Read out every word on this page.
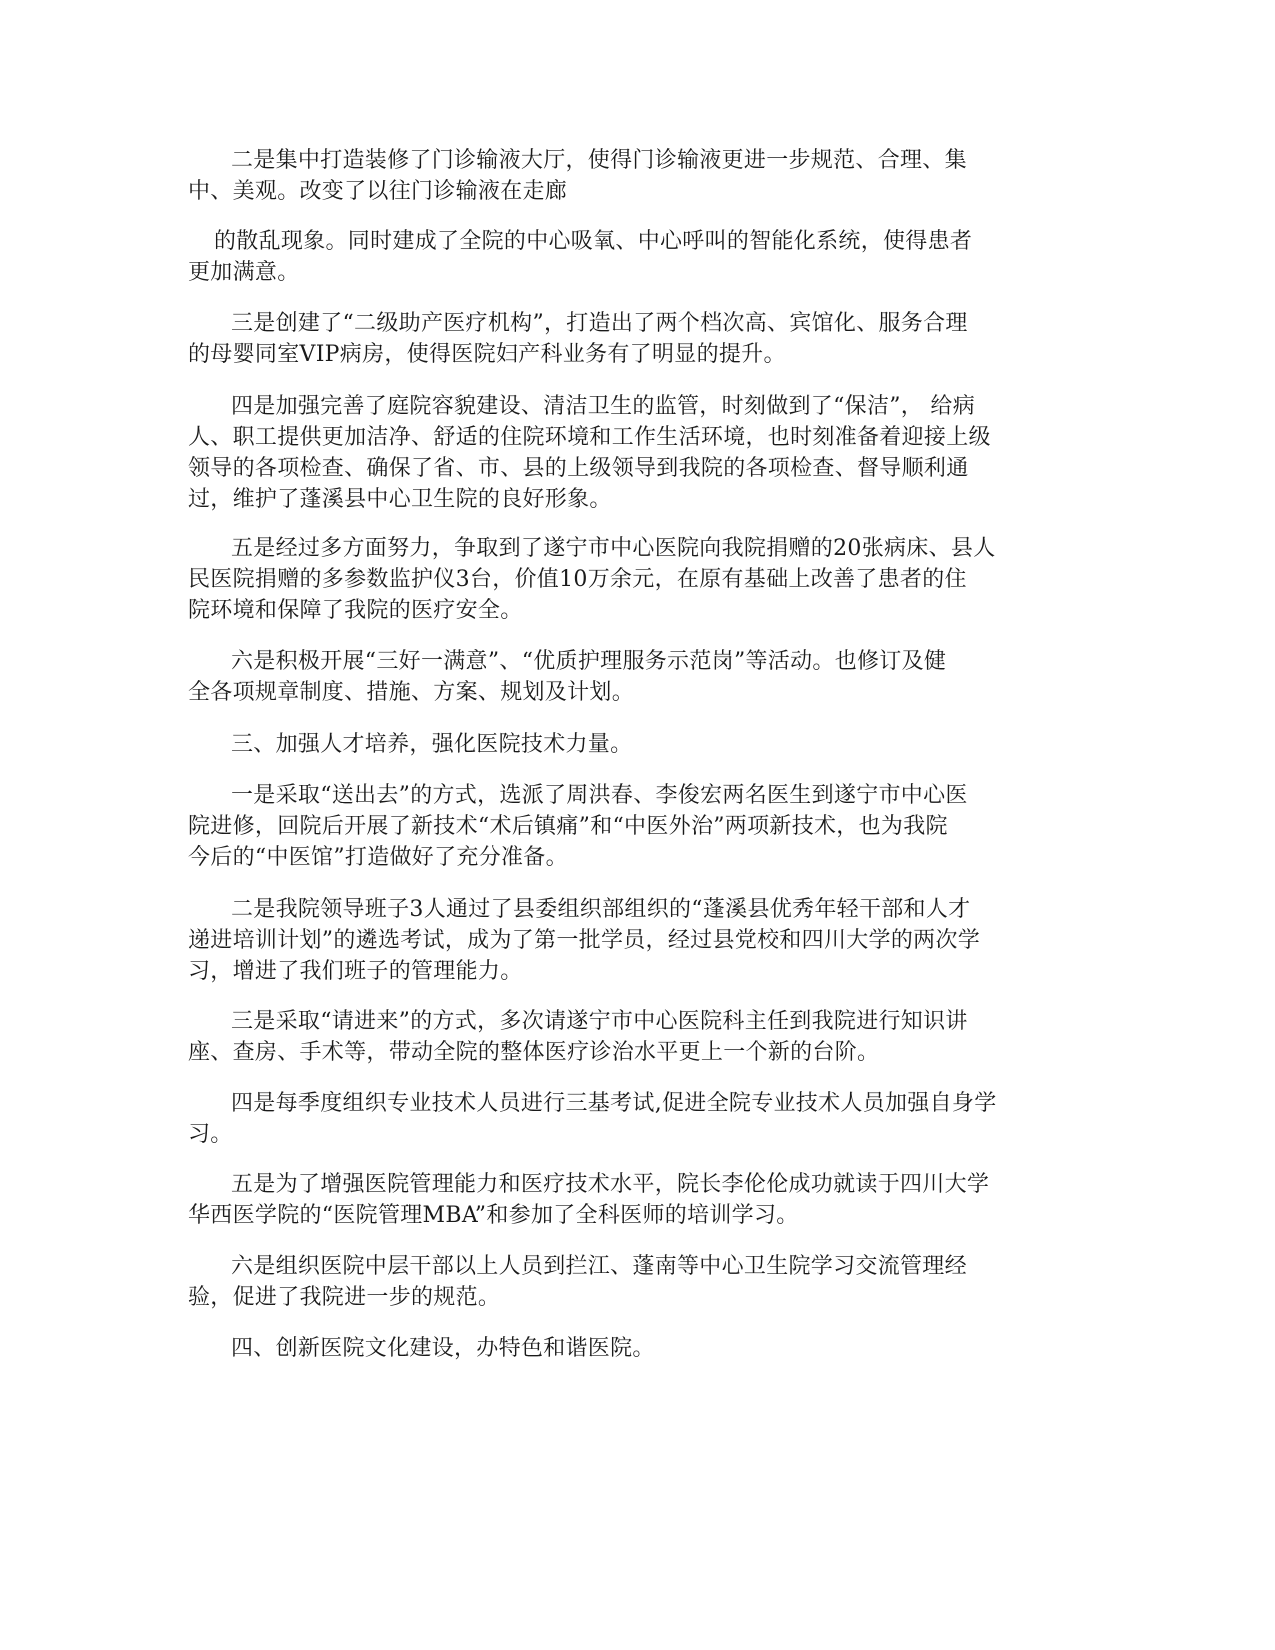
二是集中打造装修了门诊输液大厅，使得门诊输液更进一步规范、合理、集
中、美观。改变了以往门诊输液在走廊

的散乱现象。同时建成了全院的中心吸氧、中心呼叫的智能化系统，使得患者
更加满意。

三是创建了“二级助产医疗机构”，打造出了两个档次高、宾馆化、服务合理
的母婴同室VIP病房，使得医院妇产科业务有了明显的提升。

四是加强完善了庭院容貌建设、清洁卫生的监管，时刻做到了“保洁”， 给病
人、职工提供更加洁净、舒适的住院环境和工作生活环境，也时刻准备着迎接上级
领导的各项检查、确保了省、市、县的上级领导到我院的各项检查、督导顺利通
过，维护了蓬溪县中心卫生院的良好形象。

五是经过多方面努力，争取到了遂宁市中心医院向我院捐赠的20张病床、县人
民医院捐赠的多参数监护仪3台，价值10万余元，在原有基础上改善了患者的住
院环境和保障了我院的医疗安全。

六是积极开展“三好一满意”、“优质护理服务示范岗”等活动。也修订及健
全各项规章制度、措施、方案、规划及计划。

三、加强人才培养，强化医院技术力量。

一是采取“送出去”的方式，选派了周洪春、李俊宏两名医生到遂宁市中心医
院进修，回院后开展了新技术“术后镇痛”和“中医外治”两项新技术，也为我院
今后的“中医馆”打造做好了充分准备。

二是我院领导班子3人通过了县委组织部组织的“蓬溪县优秀年轻干部和人才
递进培训计划”的遴选考试，成为了第一批学员，经过县党校和四川大学的两次学
习，增进了我们班子的管理能力。

三是采取“请进来”的方式，多次请遂宁市中心医院科主任到我院进行知识讲
座、查房、手术等，带动全院的整体医疗诊治水平更上一个新的台阶。

四是每季度组织专业技术人员进行三基考试,促进全院专业技术人员加强自身学
习。

五是为了增强医院管理能力和医疗技术水平，院长李伦伦成功就读于四川大学
华西医学院的“医院管理MBA”和参加了全科医师的培训学习。

六是组织医院中层干部以上人员到拦江、蓬南等中心卫生院学习交流管理经
验，促进了我院进一步的规范。

四、创新医院文化建设，办特色和谐医院。
